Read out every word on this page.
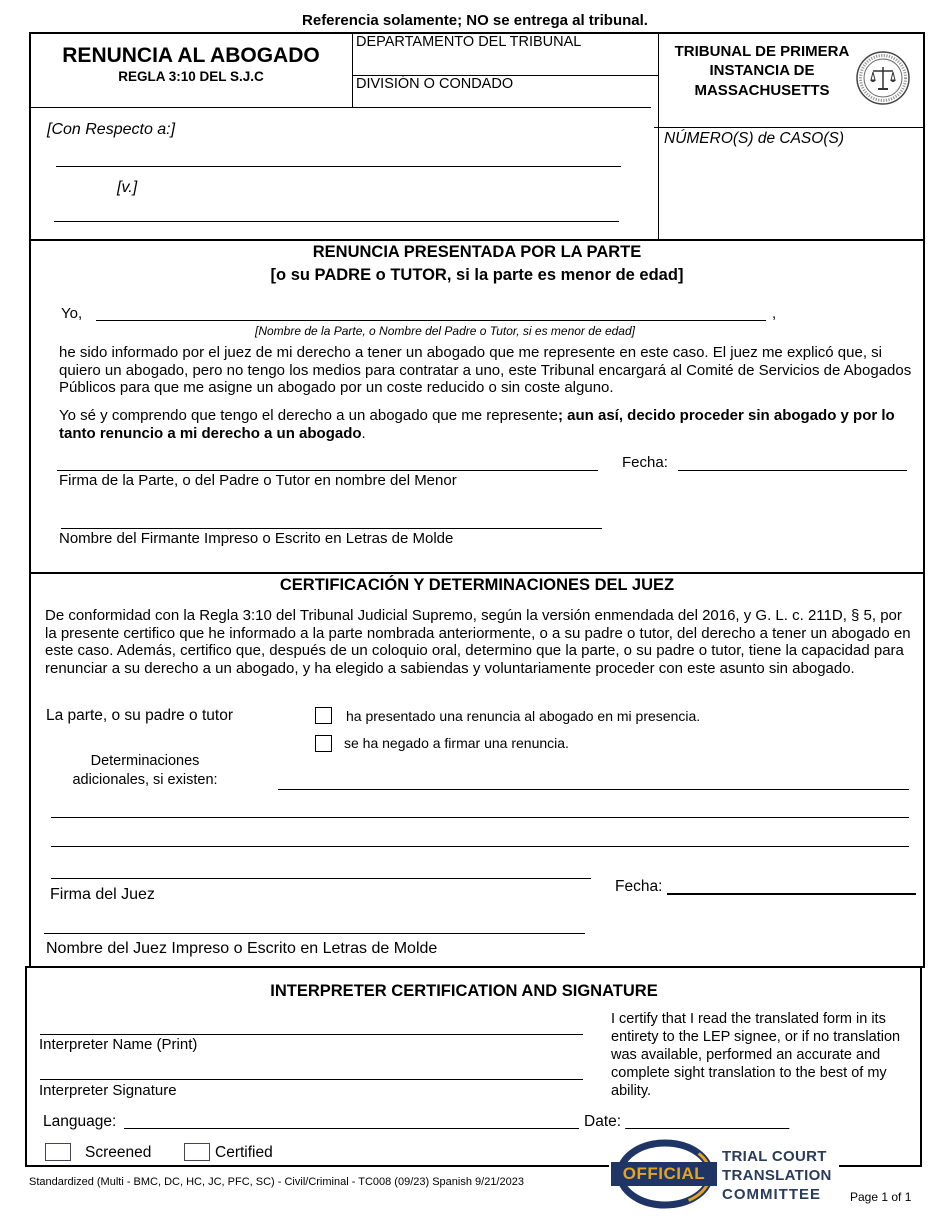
Referencia solamente; NO se entrega al tribunal.
RENUNCIA AL ABOGADO
REGLA 3:10 DEL S.J.C
DEPARTAMENTO DEL TRIBUNAL
DIVISIÓN O CONDADO
TRIBUNAL DE PRIMERA
INSTANCIA DE
MASSACHUSETTS
[Con Respecto a:]
[v.]
NÚMERO(S) de CASO(S)
RENUNCIA PRESENTADA POR LA PARTE
[o su PADRE o TUTOR, si la parte es menor de edad]
Yo,	,
[Nombre de la Parte, o Nombre del Padre o Tutor, si es menor de edad]
he sido informado por el juez de mi derecho a tener un abogado que me represente en este caso. El juez me explicó que, si quiero un abogado, pero no tengo los medios para contratar a uno, este Tribunal encargará al Comité de Servicios de Abogados Públicos para que me asigne un abogado por un coste reducido o sin coste alguno.
Yo sé y comprendo que tengo el derecho a un abogado que me represente; aun así, decido proceder sin abogado y por lo tanto renuncio a mi derecho a un abogado.
Fecha:
Firma de la Parte, o del Padre o Tutor en nombre del Menor
Nombre del Firmante Impreso o Escrito en Letras de Molde
CERTIFICACIÓN Y DETERMINACIONES DEL JUEZ
De conformidad con la Regla 3:10 del Tribunal Judicial Supremo, según la versión enmendada del 2016, y G. L. c. 211D, § 5, por la presente certifico que he informado a la parte nombrada anteriormente, o a su padre o tutor, del derecho a tener un abogado en este caso. Además, certifico que, después de un coloquio oral, determino que la parte, o su padre o tutor, tiene la capacidad para renunciar a su derecho a un abogado, y ha elegido a sabiendas y voluntariamente proceder con este asunto sin abogado.
La parte, o su padre o tutor	ha presentado una renuncia al abogado en mi presencia.
se ha negado a firmar una renuncia.
Determinaciones
adicionales, si existen:
Fecha:
Firma del Juez
Nombre del Juez Impreso o Escrito en Letras de Molde
INTERPRETER CERTIFICATION AND SIGNATURE
Interpreter Name (Print)
Interpreter Signature
I certify that I read the translated form in its entirety to the LEP signee, or if no translation was available, performed an accurate and complete sight translation to the best of my ability.
Language:	Date: ___________________
Screened	Certified
Standardized (Multi - BMC, DC, HC, JC, PFC, SC) - Civil/Criminal - TC008 (09/23) Spanish 9/21/2023	OFFICIAL
TRIAL COURT
TRANSLATION
COMMITTEE Page 1 of 1
